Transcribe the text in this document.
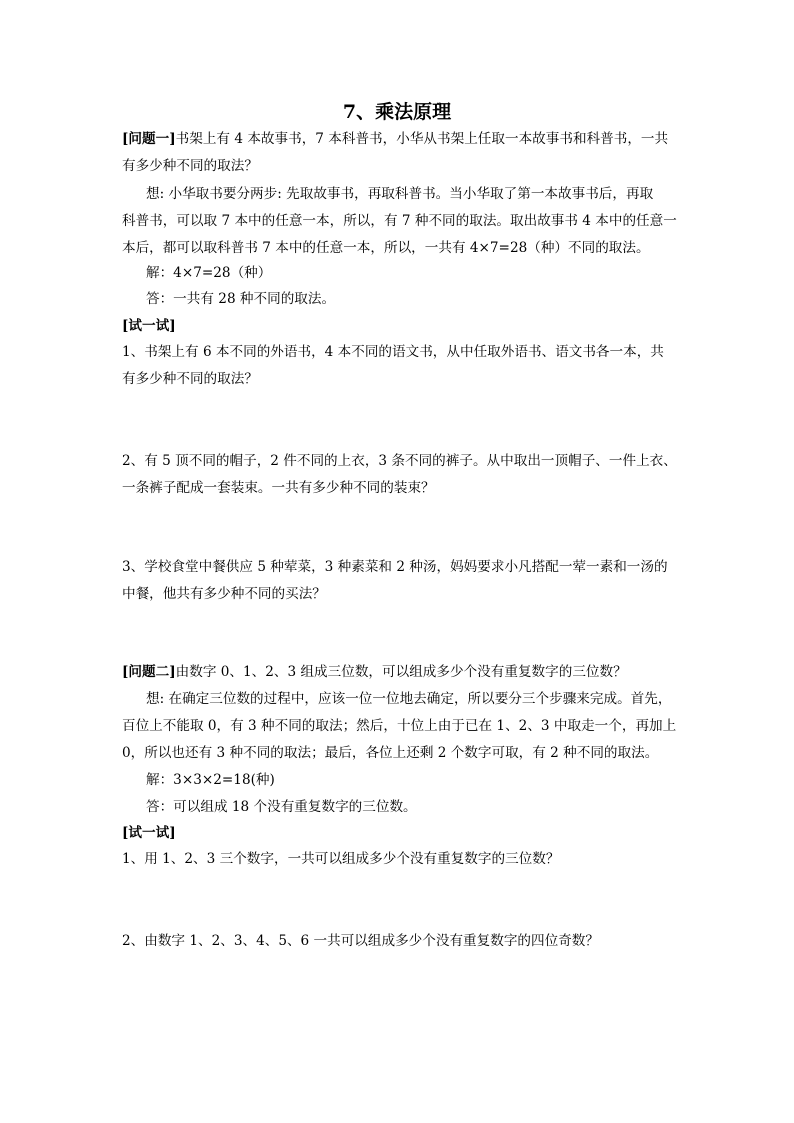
7、乘法原理
[问题一]书架上有 4 本故事书，7 本科普书，小华从书架上任取一本故事书和科普书，一共
有多少种不同的取法？
想: 小华取书要分两步: 先取故事书，再取科普书。当小华取了第一本故事书后，再取
科普书，可以取 7 本中的任意一本，所以，有 7 种不同的取法。取出故事书 4 本中的任意一
本后，都可以取科普书 7 本中的任意一本，所以，一共有 4×7=28（种）不同的取法。
解：4×7=28（种）
答：一共有 28 种不同的取法。
[试一试]
1、书架上有 6 本不同的外语书，4 本不同的语文书，从中任取外语书、语文书各一本，共
有多少种不同的取法？
2、有 5 顶不同的帽子，2 件不同的上衣，3 条不同的裤子。从中取出一顶帽子、一件上衣、
一条裤子配成一套装束。一共有多少种不同的装束？
3、学校食堂中餐供应 5 种荤菜，3 种素菜和 2 种汤，妈妈要求小凡搭配一荤一素和一汤的
中餐，他共有多少种不同的买法？
[问题二]由数字 0、1、2、3 组成三位数，可以组成多少个没有重复数字的三位数？
想: 在确定三位数的过程中，应该一位一位地去确定，所以要分三个步骤来完成。首先，
百位上不能取 0，有 3 种不同的取法；然后，十位上由于已在 1、2、3 中取走一个，再加上
0，所以也还有 3 种不同的取法；最后，各位上还剩 2 个数字可取，有 2 种不同的取法。
解：3×3×2=18(种)
答：可以组成 18 个没有重复数字的三位数。
[试一试]
1、用 1、2、3 三个数字，一共可以组成多少个没有重复数字的三位数？
2、由数字 1、2、3、4、5、6 一共可以组成多少个没有重复数字的四位奇数？
